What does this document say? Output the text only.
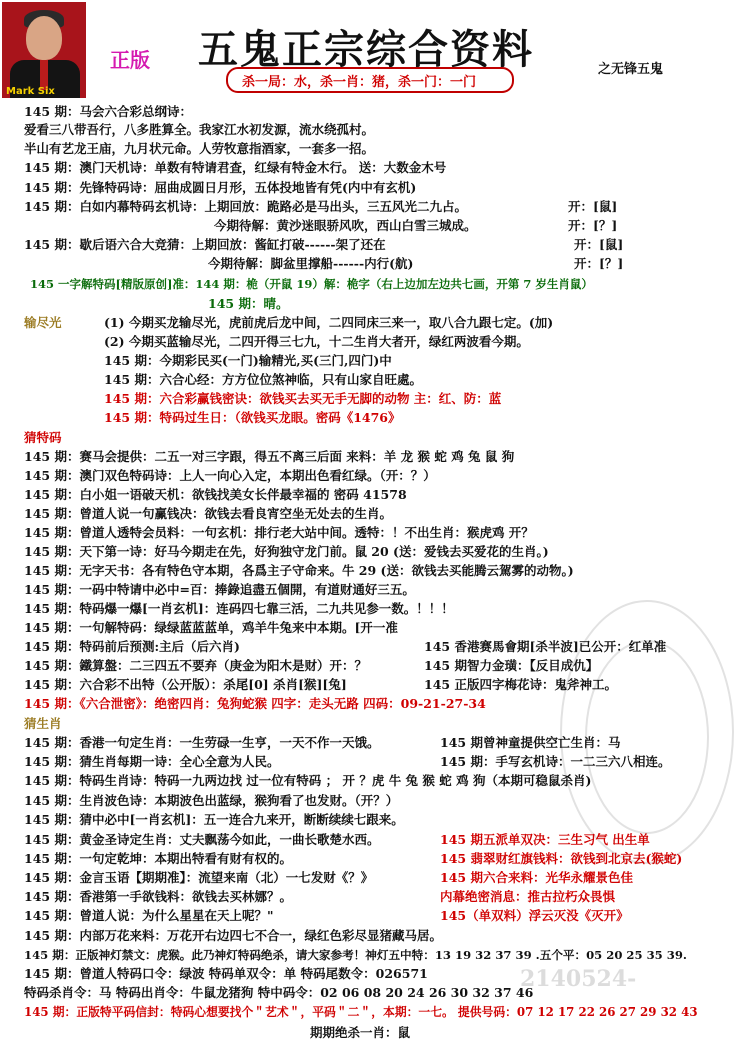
Mark Six
正版 五鬼正宗综合资料	之无锋五鬼
杀一局：水，杀一肖：猪，杀一门：一门
2140524-
145 期：马会六合彩总纲诗：
爱看三八带吾行，八多胜算全。我家江水初发源，流水绕孤村。
半山有艺龙王庙，九月状元命。人劳牧意指酒家，一套多一招。
145 期：澳门天机诗：单数有特请君查，红绿有特金木行。 送：大数金木号
145 期：先锋特码诗：屈曲成圆日月形，五体投地皆有凭(内中有玄机)
145 期：白如内幕特码玄机诗：上期回放：跪路必是马出头，三五风光二九占。	开：[鼠]
今期待解：黄沙迷眼骄风吹，西山白雪三城成。	开：[？]
145 期：歇后语六合大竞猜：上期回放：酱缸打破------架了还在	开：[鼠]
今期待解：脚盆里撑船------内行(航)	开：[？]
145 一字解特码[精版原创]准：144 期：桅（开鼠 19）解：桅字（右上边加左边共七画，开第 7 岁生肖鼠）
145 期：晴。
输尽光	(1) 今期买龙输尽光，虎前虎后龙中间，二四同床三来一，取八合九跟七定。(加)
(2) 今期买蓝输尽光，二四开得三七九，十二生肖大者开，绿红两波看今期。
145 期：今期彩民买(一门)输精光,买(三门,四门)中
145 期：六合心经：方方位位煞神临，只有山家自旺處。
145 期：六合彩赢钱密诀：欲钱买去买无手无脚的动物 主：红、防：蓝
145 期：特码过生日：（欲钱买龙眼。密码《1476》
猜特码
145 期：赛马会提供：二五一对三字跟，得五不离三后面 来料：羊 龙 猴 蛇 鸡 兔 鼠 狗
145 期：澳门双色特码诗：上人一向心入定，本期出色看红绿。（开：？）
145 期：白小姐一语破天机：欲钱找美女长伴最幸福的 密码 41578
145 期：曾道人说一句赢钱决：欲钱去看良宵空坐无处去的生肖。
145 期：曾道人透特会员料：一句玄机：排行老大站中间。透特：！不出生肖：猴虎鸡 开？
145 期：天下第一诗：好马今期走在先，好狗独守龙门前。鼠 20 (送：爱钱去买爱花的生肖。)
145 期：无字天书：各有特色守本期，各爲主子守命来。牛 29 (送：欲钱去买能腾云駕雾的动物。)
145 期：一码中特请中必中=百：捧錄追盡五個開，有道财通好三五。
145 期：特码爆一爆[一肖玄机]：连码四七靠三活，二九共见参一数。！！！
145 期：一句解特码：绿绿蓝蓝蓝单，鸡羊牛兔来中本期。[开一准
145 期：特码前后预测:主后（后六肖)	145 香港赛馬會期[杀半波]已公开：红单准
145 期：鐵算盤：二三四五不要弃（庚金为阳木是财）开：？	145 期智力金璜：【反目成仇】
145 期：六合彩不出特（公开版）：杀尾[0] 杀肖[猴][兔]	145 正版四字梅花诗：鬼斧神工。
145 期：《六合泄密》：绝密四肖：兔狗蛇猴 四字：走头无路 四码：09-21-27-34
猜生肖
145 期：香港一句定生肖：一生劳碌一生亨，一天不作一天饿。	145 期曾神童提供空亡生肖：马
145 期：猜生肖每期一诗：全心全意为人民。	145 期：手写玄机诗：一二三六八相连。
145 期：特码生肖诗：特码一九两边找 过一位有特码 ； 开 ？虎 牛 兔 猴 蛇 鸡 狗（本期可稳鼠杀肖)
145 期：生肖波色诗：本期波色出蓝绿，猴狗看了也发财。（开？）
145 期：猜中必中[一肖玄机]：五一连合九来开，断断续续七跟来。
145 期：黄金圣诗定生肖：丈夫飘荡今如此，一曲长歌楚水西。	145 期五派单双决：三生习气 出生单
145 期：一句定乾坤：本期出特看有财有权的。	145 翡翠财红旗钱料：欲钱到北京去(猴蛇)
145 期：金言玉语【期期准】：流望来南（北）一七发财《？》	145 期六合来料：光华永耀景色佳
145 期：香港第一手欲钱料：欲钱去买林娜？。	内幕绝密消息：推古拉朽众畏惧
145 期：曾道人说：为什么星星在天上呢？"	145（单双料）浮云灭没《灭开》
145 期：内部万花来料：万花开右边四七不合一，绿红色彩尽显猪藏马居。
145 期：正版神灯禁文：虎猴。此乃神灯特码绝杀，请大家参考！神灯五中特：13 19 32 37 39 .五个平：05 20 25 35 39.
145 期：曾道人特码口令：绿波 特码单双令：单 特码尾数令：026571
特码杀肖令：马 特码出肖令：牛鼠龙猪狗 特中码令：02 06 08 20 24 26 30 32 37 46
145 期：正版特平码信封：特码心想要找个＂艺术＂，平码＂二＂，本期：一七。 提供号码：07 12 17 22 26 27 29 32 43
期期绝杀一肖：鼠
